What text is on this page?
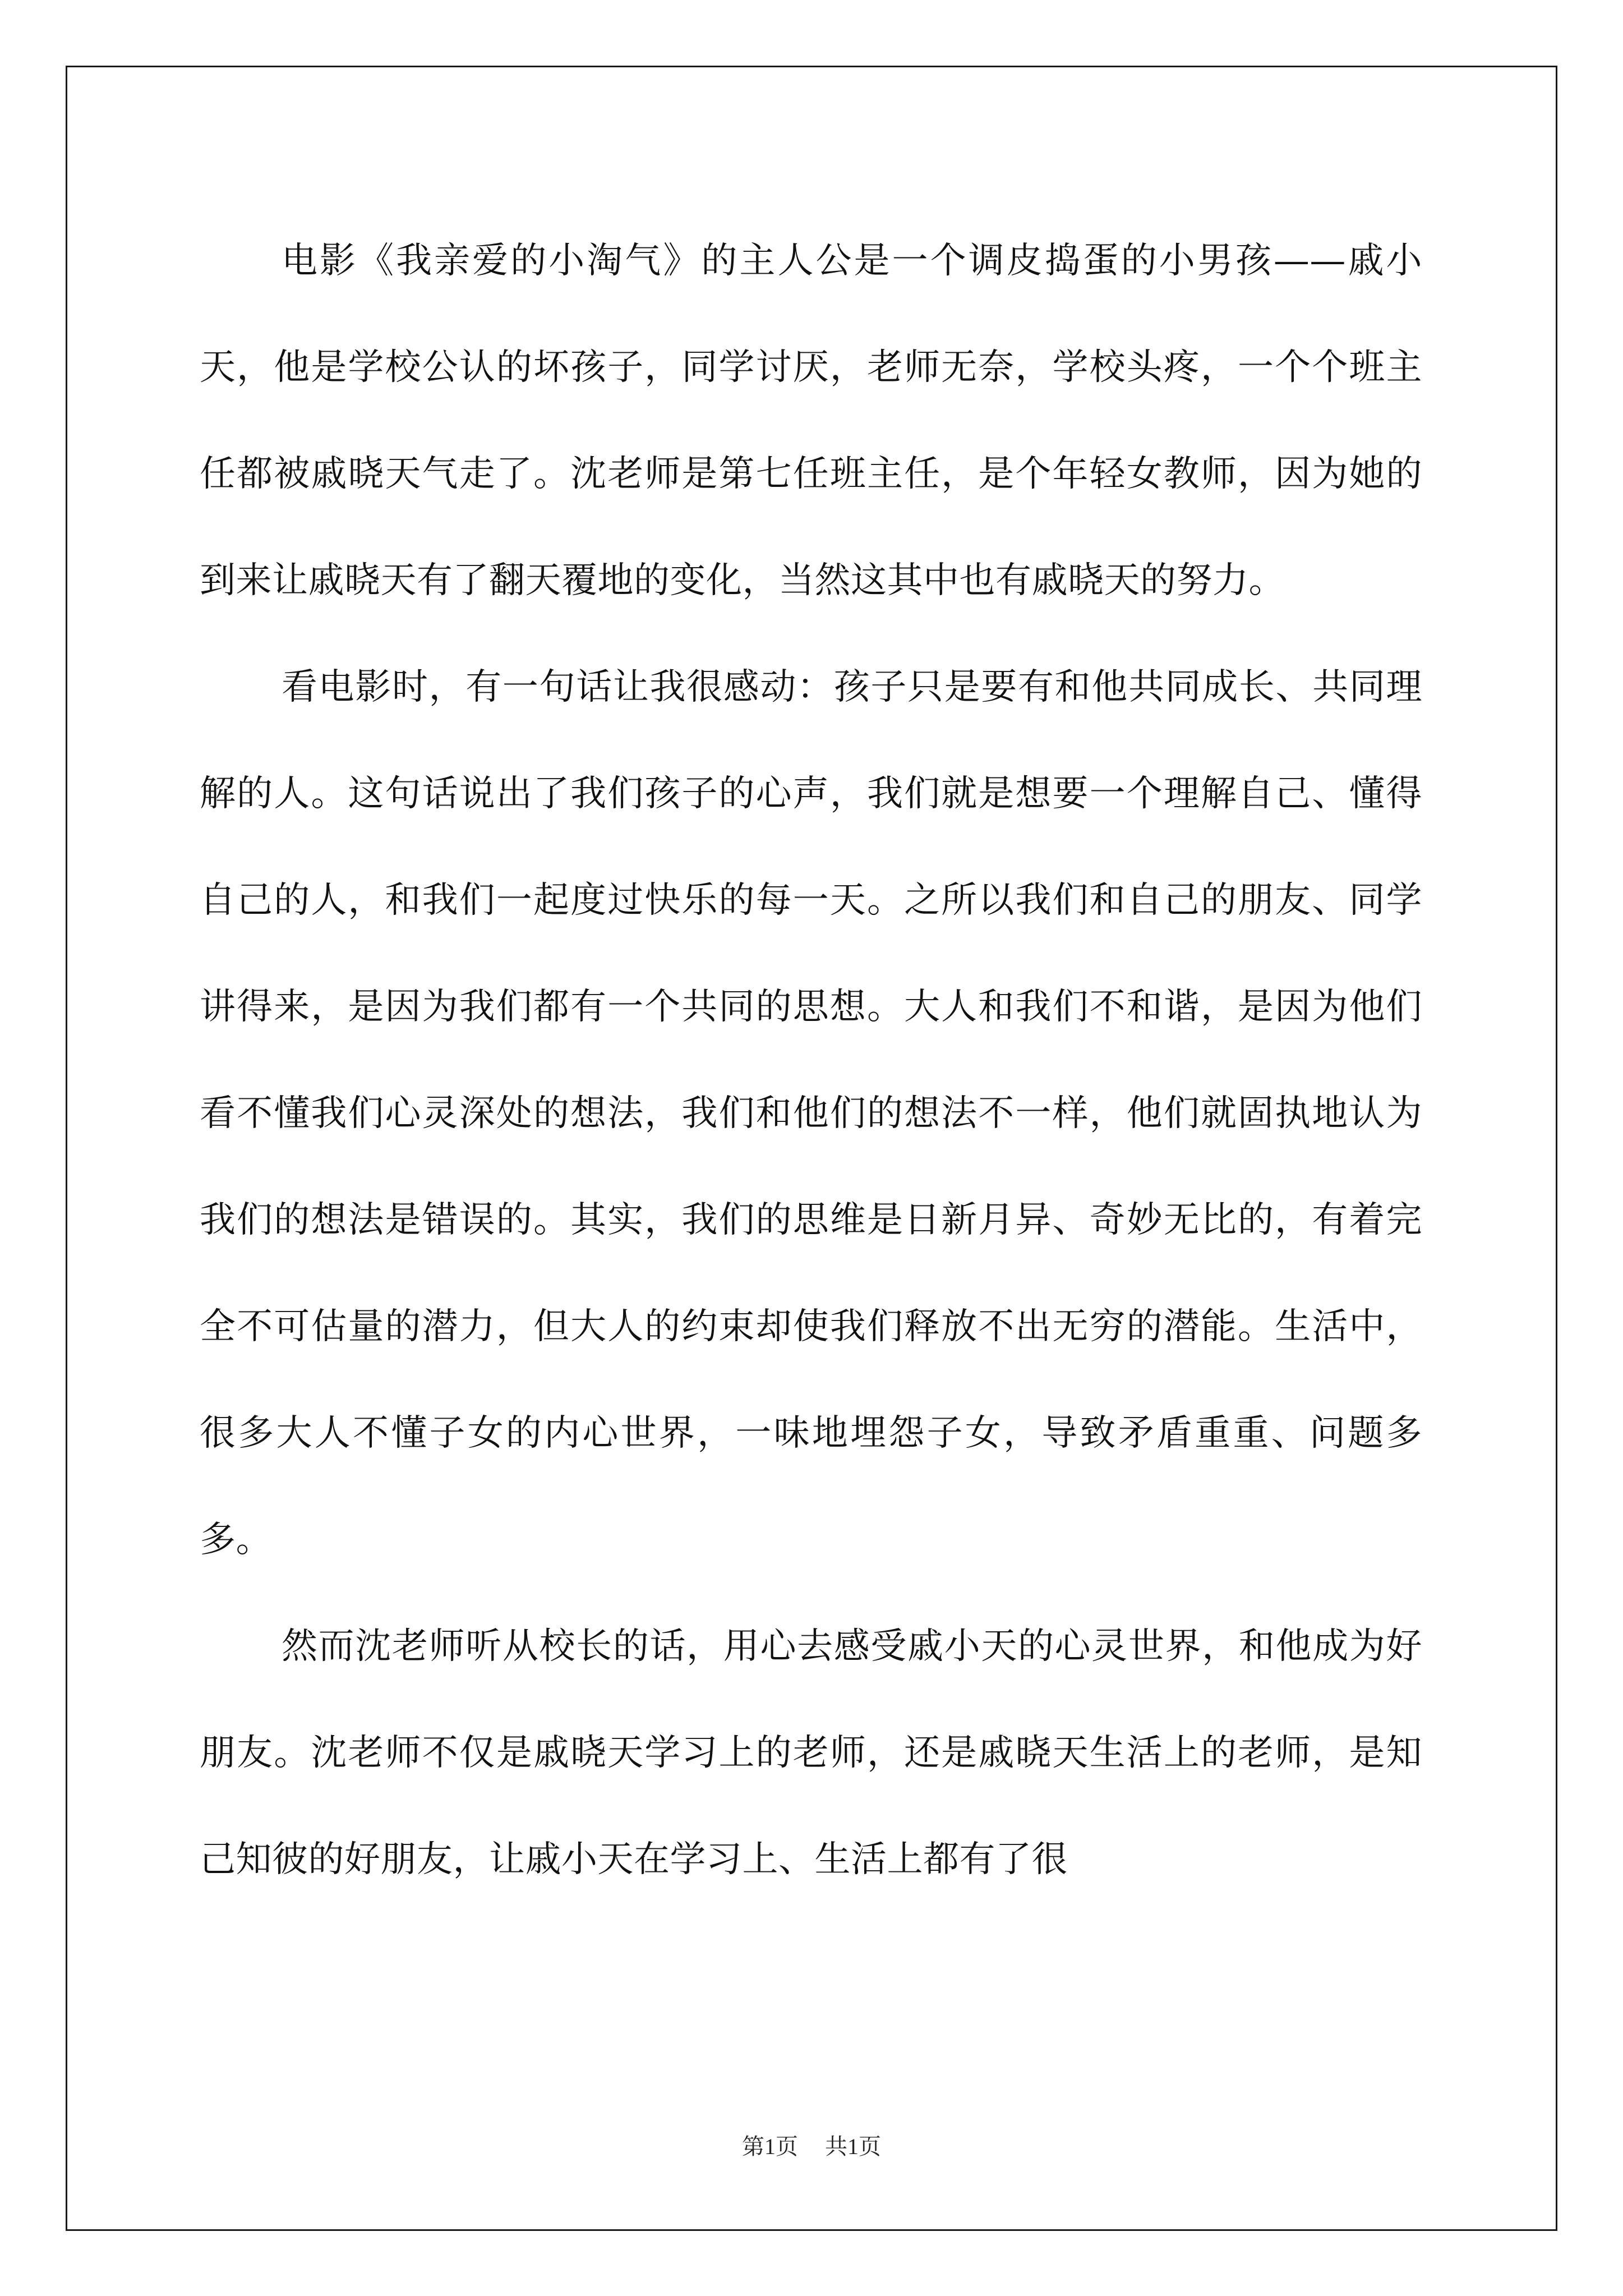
电影《我亲爱的小淘气》的主人公是一个调皮捣蛋的小男孩——戚小天，他是学校公认的坏孩子，同学讨厌，老师无奈，学校头疼，一个个班主任都被戚晓天气走了。沈老师是第七任班主任，是个年轻女教师，因为她的到来让戚晓天有了翻天覆地的变化，当然这其中也有戚晓天的努力。

看电影时，有一句话让我很感动：孩子只是要有和他共同成长、共同理解的人。这句话说出了我们孩子的心声，我们就是想要一个理解自己、懂得自己的人，和我们一起度过快乐的每一天。之所以我们和自己的朋友、同学讲得来，是因为我们都有一个共同的思想。大人和我们不和谐，是因为他们看不懂我们心灵深处的想法，我们和他们的想法不一样，他们就固执地认为我们的想法是错误的。其实，我们的思维是日新月异、奇妙无比的，有着完全不可估量的潜力，但大人的约束却使我们释放不出无穷的潜能。生活中，很多大人不懂子女的内心世界，一味地埋怨子女，导致矛盾重重、问题多多。

然而沈老师听从校长的话，用心去感受戚小天的心灵世界，和他成为好朋友。沈老师不仅是戚晓天学习上的老师，还是戚晓天生活上的老师，是知己知彼的好朋友，让戚小天在学习上、生活上都有了很

第1页 共1页
